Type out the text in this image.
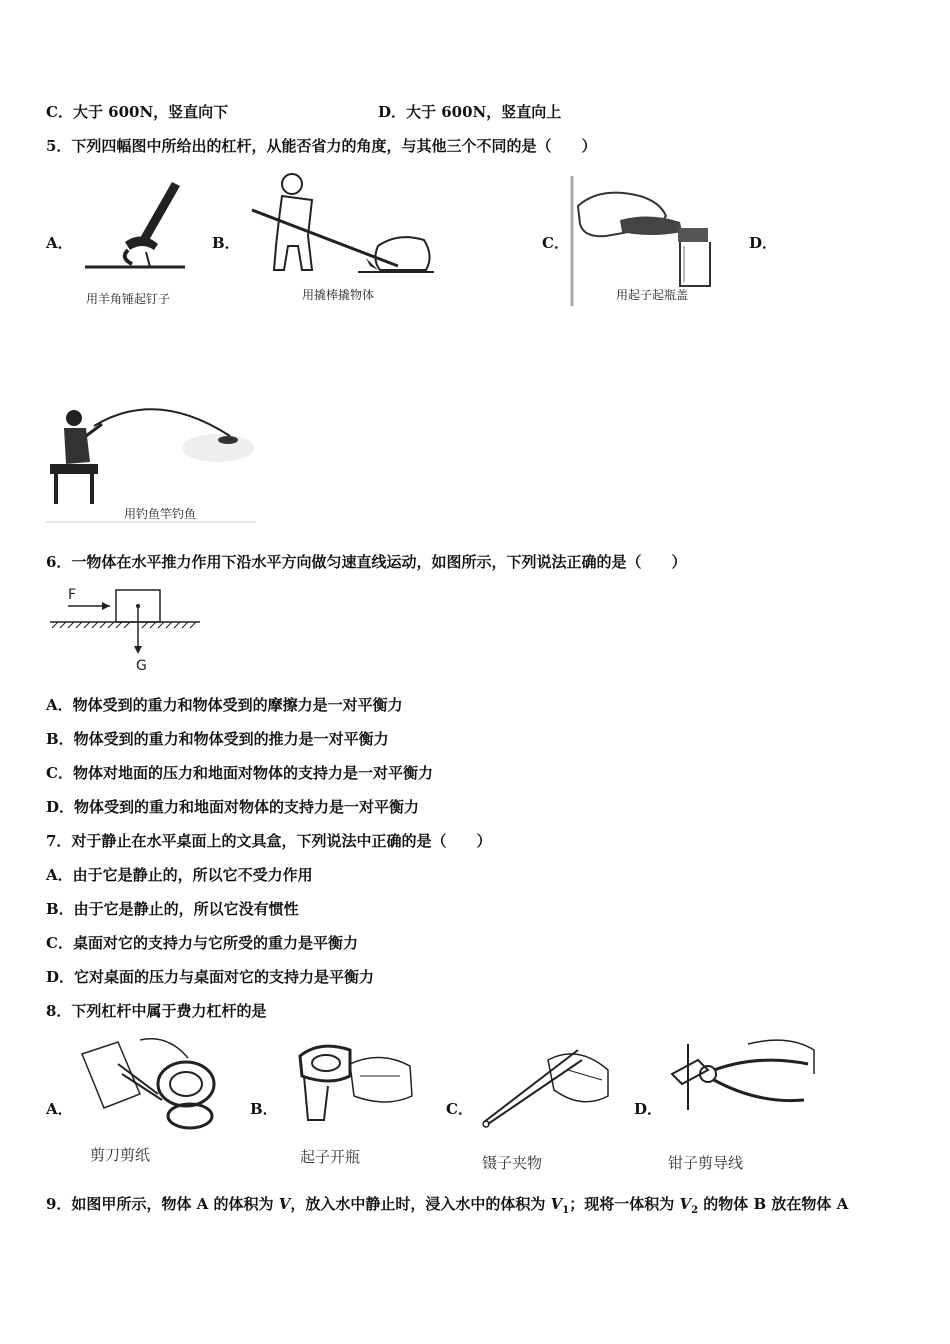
C．大于 600N，竖直向下	D．大于 600N，竖直向上
5．下列四幅图中所给出的杠杆，从能否省力的角度，与其他三个不同的是（　　）
A．	B．	C．	D．
用羊角锤起钉子	用撬棒撬物体	用起子起瓶盖
用钓鱼竿钓鱼
6．一物体在水平推力作用下沿水平方向做匀速直线运动，如图所示，下列说法正确的是（　　）
F
G
A．物体受到的重力和物体受到的摩擦力是一对平衡力
B．物体受到的重力和物体受到的推力是一对平衡力
C．物体对地面的压力和地面对物体的支持力是一对平衡力
D．物体受到的重力和地面对物体的支持力是一对平衡力
7．对于静止在水平桌面上的文具盒，下列说法中正确的是（　　）
A．由于它是静止的，所以它不受力作用
B．由于它是静止的，所以它没有惯性
C．桌面对它的支持力与它所受的重力是平衡力
D．它对桌面的压力与桌面对它的支持力是平衡力
8．下列杠杆中属于费力杠杆的是
A．	B．	C．	D．
剪刀剪纸	起子开瓶	镊子夹物	钳子剪导线
9．如图甲所示，物体 A 的体积为 V，放入水中静止时，浸入水中的体积为 $V_1$；现将一体积为 $V_2$ 的物体 B 放在物体 A
